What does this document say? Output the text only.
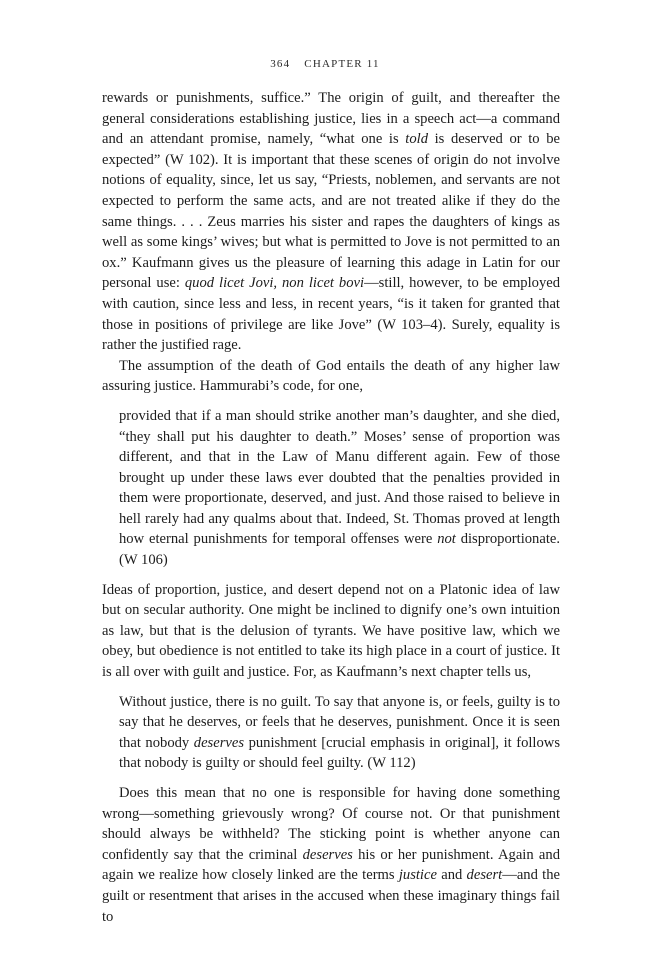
364 CHAPTER 11

rewards or punishments, suffice.” The origin of guilt, and thereafter the general considerations establishing justice, lies in a speech act—a command and an attendant promise, namely, “what one is told is deserved or to be expected” (W 102). It is important that these scenes of origin do not involve notions of equality, since, let us say, “Priests, noblemen, and servants are not expected to perform the same acts, and are not treated alike if they do the same things. . . . Zeus marries his sister and rapes the daughters of kings as well as some kings’ wives; but what is permitted to Jove is not permitted to an ox.” Kaufmann gives us the pleasure of learning this adage in Latin for our personal use: quod licet Jovi, non licet bovi—still, however, to be employed with caution, since less and less, in recent years, “is it taken for granted that those in positions of privilege are like Jove” (W 103–4). Surely, equality is rather the justified rage.

The assumption of the death of God entails the death of any higher law assuring justice. Hammurabi’s code, for one,

provided that if a man should strike another man’s daughter, and she died, “they shall put his daughter to death.” Moses’ sense of proportion was different, and that in the Law of Manu different again. Few of those brought up under these laws ever doubted that the penalties provided in them were proportionate, deserved, and just. And those raised to believe in hell rarely had any qualms about that. Indeed, St. Thomas proved at length how eternal punishments for temporal offenses were not disproportionate. (W 106)

Ideas of proportion, justice, and desert depend not on a Platonic idea of law but on secular authority. One might be inclined to dignify one’s own intuition as law, but that is the delusion of tyrants. We have positive law, which we obey, but obedience is not entitled to take its high place in a court of justice. It is all over with guilt and justice. For, as Kaufmann’s next chapter tells us,

Without justice, there is no guilt. To say that anyone is, or feels, guilty is to say that he deserves, or feels that he deserves, punishment. Once it is seen that nobody deserves punishment [crucial emphasis in original], it follows that nobody is guilty or should feel guilty. (W 112)

Does this mean that no one is responsible for having done something wrong—something grievously wrong? Of course not. Or that punishment should always be withheld? The sticking point is whether anyone can confidently say that the criminal deserves his or her punishment. Again and again we realize how closely linked are the terms justice and desert—and the guilt or resentment that arises in the accused when these imaginary things fail to
